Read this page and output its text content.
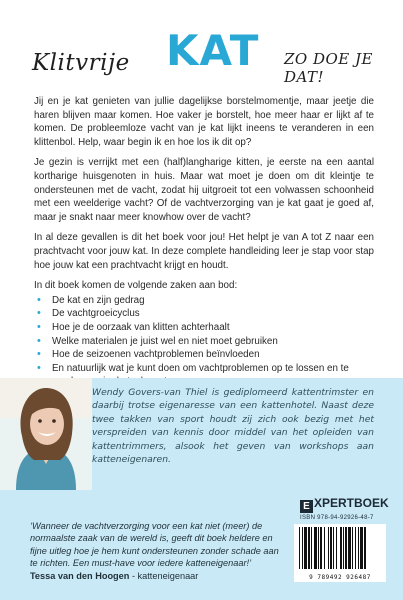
Klitvrije KAT ZO DOE JE DAT!

Jij en je kat genieten van jullie dagelijkse borstelmomentje, maar jeetje die haren blijven maar komen. Hoe vaker je borstelt, hoe meer haar er lijkt af te komen. De probleemloze vacht van je kat lijkt ineens te veranderen in een klittenbol. Help, waar begin ik en hoe los ik dit op?

Je gezin is verrijkt met een (half)langharige kitten, je eerste na een aantal kortharige huisgenoten in huis. Maar wat moet je doen om dit kleintje te ondersteunen met de vacht, zodat hij uitgroeit tot een volwassen schoonheid met een weelderige vacht? Of de vachtverzorging van je kat gaat je goed af, maar je snakt naar meer knowhow over de vacht?

In al deze gevallen is dit het boek voor jou! Het helpt je van A tot Z naar een prachtvacht voor jouw kat. In deze complete handleiding leer je stap voor stap hoe jouw kat een prachtvacht krijgt en houdt.

In dit boek komen de volgende zaken aan bod:

• De kat en zijn gedrag
• De vachtgroeicyclus
• Hoe je de oorzaak van klitten achterhaalt
• Welke materialen je juist wel en niet moet gebruiken
• Hoe de seizoenen vachtproblemen beïnvloeden
• En natuurlijk wat je kunt doen om vachtproblemen op te lossen en te
Wendy Govers-van Thiel is gediplomeerd kattentrimster en daarbij trotse eigenaresse van een kattenhotel. Naast deze twee takken van sport houdt zij zich ook bezig met het verspreiden van kennis door middel van het opleiden van kattentrimmers, alsook het geven van workshops aan katteneigenaren.
‘Wanneer de vachtverzorging voor een kat niet (meer) de normaalste zaak van de wereld is, geeft dit boek heldere en fijne uitleg hoe je hem kunt ondersteunen zonder schade aan te richten. Een must-have voor iedere katteneigenaar!’
Tessa van den Hoogen - katteneigenaar
E XPERTBOEK
ISBN 978-94-92926-48-7
9 789492 926487
